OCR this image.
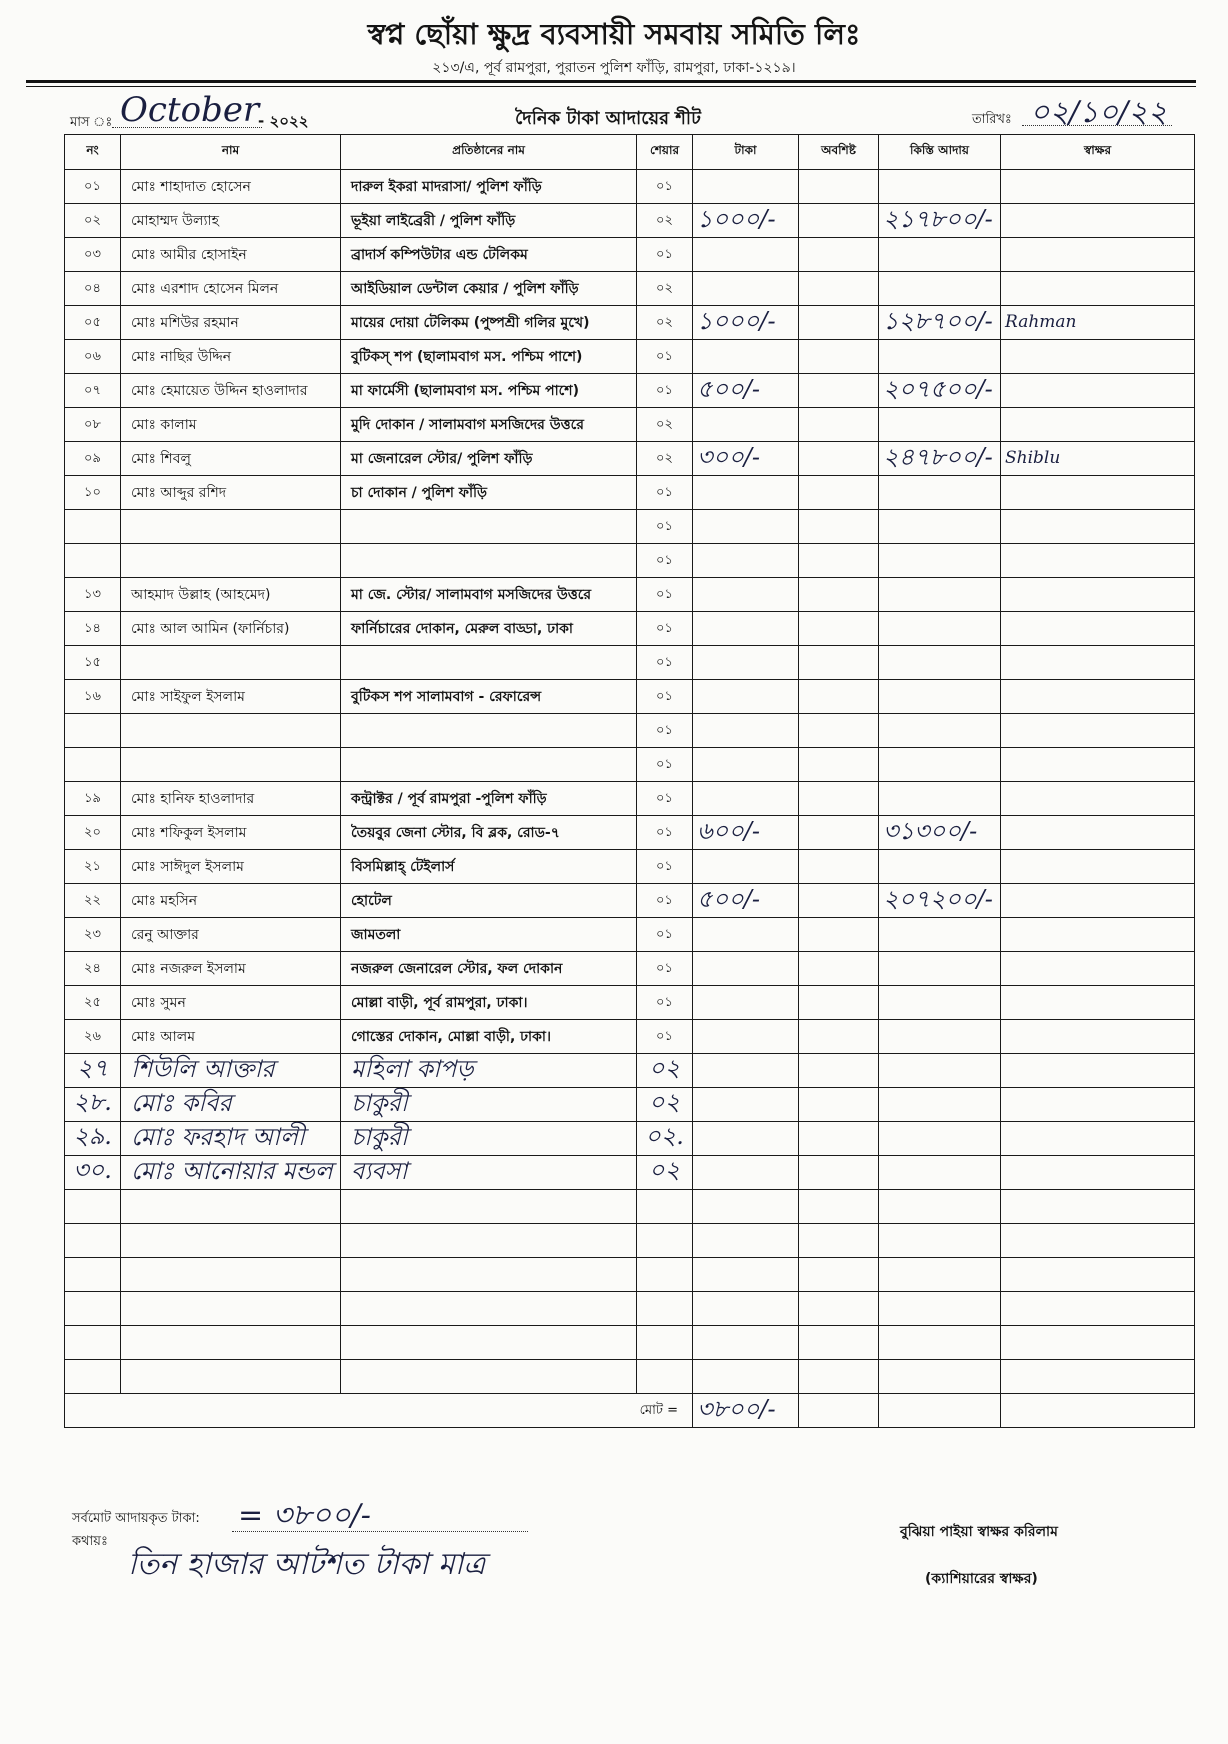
স্বপ্ন ছোঁয়া ক্ষুদ্র ব্যবসায়ী সমবায় সমিতি লিঃ
২১৩/এ, পূর্ব রামপুরা, পুরাতন পুলিশ ফাঁড়ি, রামপুরা, ঢাকা-১২১৯।
মাস ঃ October
- ২০২২	দৈনিক টাকা আদায়ের শীট	তারিখঃ ০২/১০/২২
নং	নাম	প্রতিষ্ঠানের নাম	শেয়ার	টাকা	অবশিষ্ট	কিস্তি আদায়	স্বাক্ষর
০১	মোঃ শাহাদাত হোসেন	দারুল ইকরা মাদরাসা/ পুলিশ ফাঁড়ি	০১				
০২	মোহাম্মদ উল্যাহ	ভূইয়া লাইব্রেরী / পুলিশ ফাঁড়ি	০২	১০০০/-		২১৭৮০০/-	
০৩	মোঃ আমীর হোসাইন	ব্রাদার্স কম্পিউটার এন্ড টেলিকম	০১				
০৪	মোঃ এরশাদ হোসেন মিলন	আইডিয়াল ডেন্টাল কেয়ার / পুলিশ ফাঁড়ি	০২				
০৫	মোঃ মশিউর রহমান	মায়ের দোয়া টেলিকম (পুষ্পশ্রী গলির মুখে)	০২	১০০০/-		১২৮৭০০/-	Rahman
০৬	মোঃ নাছির উদ্দিন	বুটিকস্ শপ (ছালামবাগ মস. পশ্চিম পাশে)	০১				
০৭	মোঃ হেমায়েত উদ্দিন হাওলাদার	মা ফার্মেসী (ছালামবাগ মস. পশ্চিম পাশে)	০১	৫০০/-		২০৭৫০০/-	
০৮	মোঃ কালাম	মুদি দোকান / সালামবাগ মসজিদের উত্তরে	০২				
০৯	মোঃ শিবলু	মা জেনারেল স্টোর/ পুলিশ ফাঁড়ি	০২	৩০০/-		২৪৭৮০০/-	Shiblu
১০	মোঃ আব্দুর রশিদ	চা দোকান / পুলিশ ফাঁড়ি	০১				
			০১				
			০১				
১৩	আহমাদ উল্লাহ (আহমেদ)	মা জে. স্টোর/ সালামবাগ মসজিদের উত্তরে	০১				
১৪	মোঃ আল আমিন (ফার্নিচার)	ফার্নিচারের দোকান, মেরুল বাড্ডা, ঢাকা	০১				
১৫			০১				
১৬	মোঃ সাইফুল ইসলাম	বুটিকস শপ সালামবাগ - রেফারেন্স	০১				
			০১				
			০১				
১৯	মোঃ হানিফ হাওলাদার	কন্ট্রাক্টর / পূর্ব রামপুরা -পুলিশ ফাঁড়ি	০১				
২০	মোঃ শফিকুল ইসলাম	তৈয়বুর জেনা স্টোর, বি ব্লক, রোড-৭	০১	৬০০/-		৩১৩০০/-	
২১	মোঃ সাঈদুল ইসলাম	বিসমিল্লাহ্ টেইলার্স	০১				
২২	মোঃ মহসিন	হোটেল	০১	৫০০/-		২০৭২০০/-	
২৩	রেনু আক্তার	জামতলা	০১				
২৪	মোঃ নজরুল ইসলাম	নজরুল জেনারেল স্টোর, ফল দোকান	০১				
২৫	মোঃ সুমন	মোল্লা বাড়ী, পূর্ব রামপুরা, ঢাকা।	০১				
২৬	মোঃ আলম	গোস্তের দোকান, মোল্লা বাড়ী, ঢাকা।	০১				
২৭	শিউলি আক্তার	মহিলা কাপড়	০২				
২৮.	মোঃ কবির	চাকুরী	০২				
২৯.	মোঃ ফরহাদ আলী	চাকুরী	০২.				
৩০.	মোঃ আনোয়ার মন্ডল	ব্যবসা	০২				

মোট =				৩৮০০/-			
সর্বমোট আদায়কৃত টাকা: = ৩৮০০/-
কথায়ঃ
তিন হাজার আটশত টাকা মাত্র
বুঝিয়া পাইয়া স্বাক্ষর করিলাম
(ক্যাশিয়ারের স্বাক্ষর)
